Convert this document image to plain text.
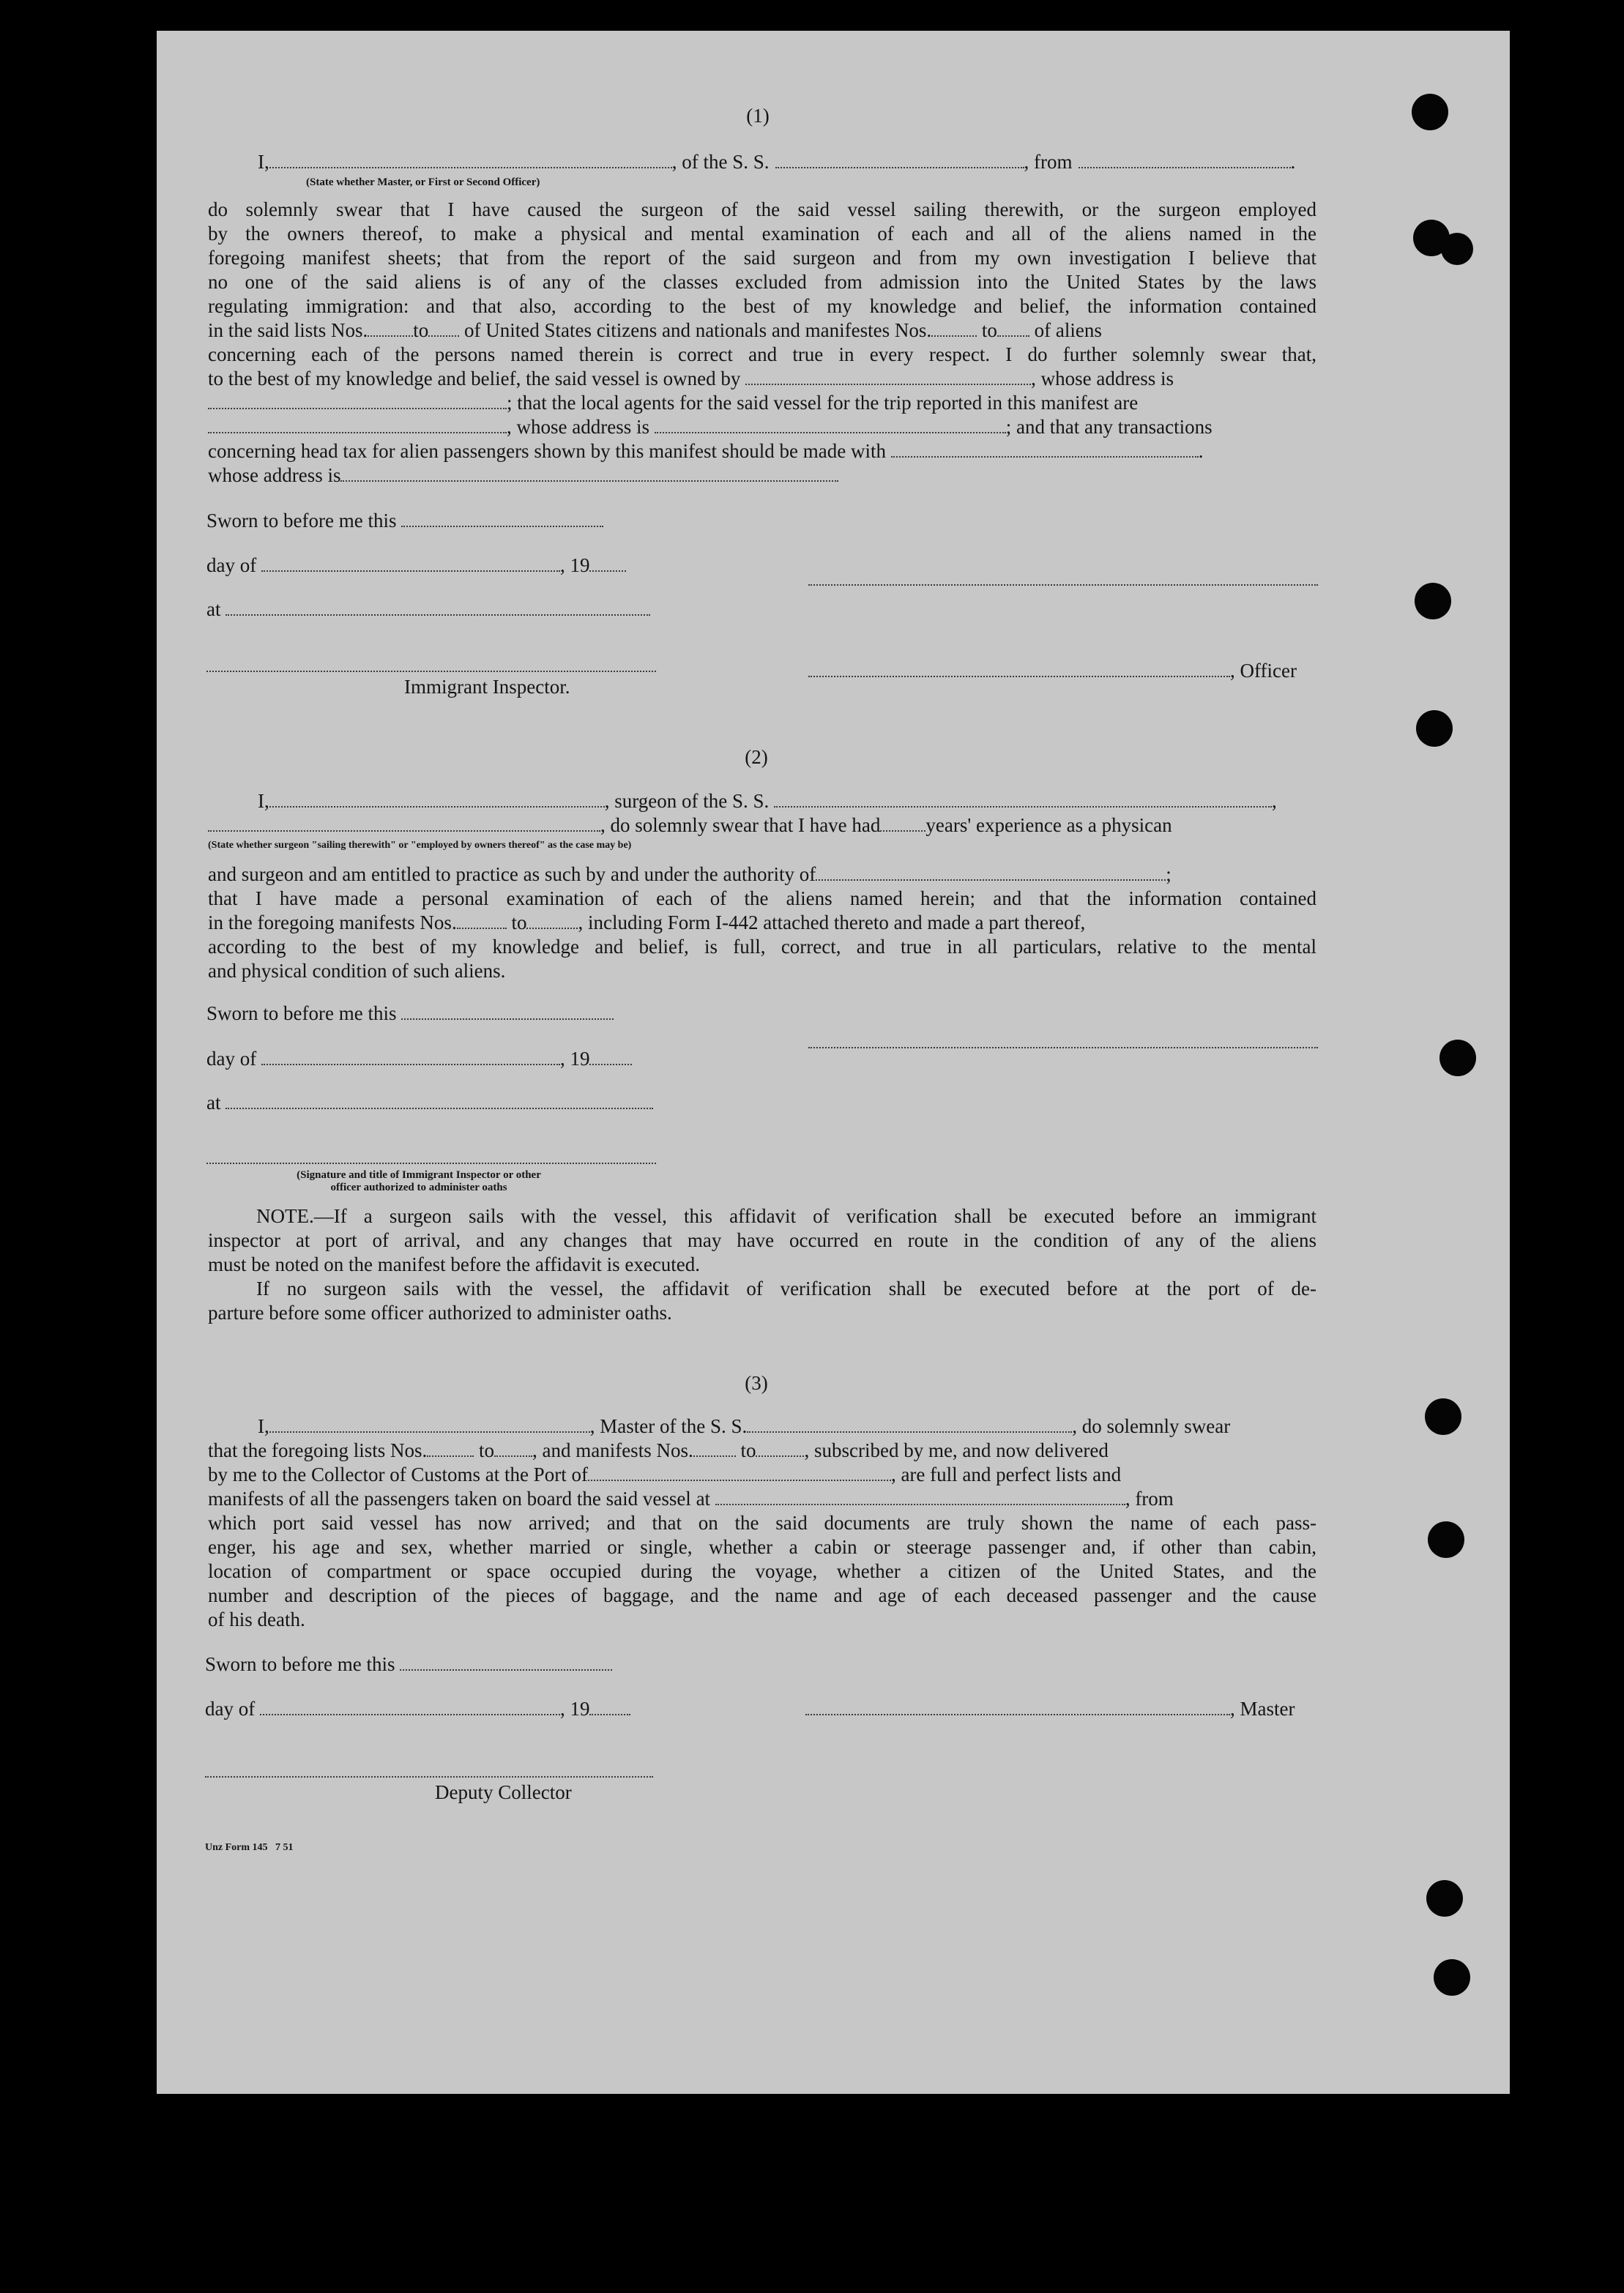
(1)
I,	, of the S. S.	, from	.
(State whether Master, or First or Second Officer)
do solemnly swear that I have caused the surgeon of the said vessel sailing therewith, or the surgeon employed
by the owners thereof, to make a physical and mental examination of each and all of the aliens named in the
foregoing manifest sheets; that from the report of the said surgeon and from my own investigation I believe that
no one of the said aliens is of any of the classes excluded from admission into the United States by the laws
regulating immigration: and that also, according to the best of my knowledge and belief, the information contained
in the said lists Nos. to of United States citizens and nationals and manifestes Nos.	to of aliens
concerning each of the persons named therein is correct and true in every respect. I do further solemnly swear that,
to the best of my knowledge and belief, the said vessel is owned by	, whose address is
; that the local agents for the said vessel for the trip reported in this manifest are
, whose address is	; and that any transactions
concerning head tax for alien passengers shown by this manifest should be made with	.
whose address is
Sworn to before me this
day of	, 19
at
, Officer
Immigrant Inspector.
(2)
I,	, surgeon of the S. S.	,
, do solemnly swear that I have had years' experience as a physican
(State whether surgeon "sailing therewith" or "employed by owners thereof" as the case may be)
and surgeon and am entitled to practice as such by and under the authority of	;
that I have made a personal examination of each of the aliens named herein; and that the information contained
in the foregoing manifests Nos.	to	, including Form I-442 attached thereto and made a part thereof,
according to the best of my knowledge and belief, is full, correct, and true in all particulars, relative to the mental
and physical condition of such aliens.
Sworn to before me this
day of	, 19
at
(Signature and title of Immigrant Inspector or other
officer authorized to administer oaths
NOTE.—If a surgeon sails with the vessel, this affidavit of verification shall be executed before an immigrant
inspector at port of arrival, and any changes that may have occurred en route in the condition of any of the aliens
must be noted on the manifest before the affidavit is executed.
If no surgeon sails with the vessel, the affidavit of verification shall be executed before at the port of de-
parture before some officer authorized to administer oaths.
(3)
I,	, Master of the S. S.	, do solemnly swear
that the foregoing lists Nos.	to , and manifests Nos. to , subscribed by me, and now delivered
by me to the Collector of Customs at the Port of	, are full and perfect lists and
manifests of all the passengers taken on board the said vessel at	, from
which port said vessel has now arrived; and that on the said documents are truly shown the name of each pass-
enger, his age and sex, whether married or single, whether a cabin or steerage passenger and, if other than cabin,
location of compartment or space occupied during the voyage, whether a citizen of the United States, and the
number and description of the pieces of baggage, and the name and age of each deceased passenger and the cause
of his death.
Sworn to before me this
day of	, 19	, Master
Deputy Collector
Unz Form 145   7 51
